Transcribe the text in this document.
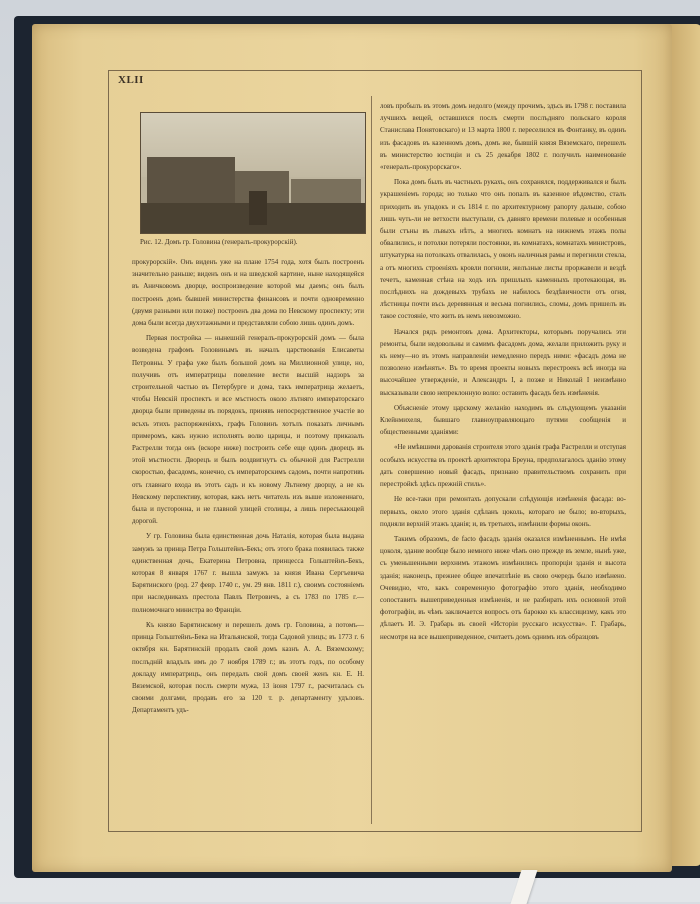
XLII
Рис. 12. Домъ гр. Головина (генералъ-прокурорскій).

прокурорскій». Онъ виденъ уже на плане 1754 года, хотя былъ построенъ значительно раньше; виденъ онъ и на шведской картине, ныне находящейся въ Аничковомъ дворце, воспроизведение которой мы даемъ; онъ былъ построенъ домъ бывшей министерства финансовъ и почти одновременно (двумя разными или позже) построенъ два дома по Невскому проспекту; эти дома были всегда двухэтажными и представляли собою лишь одинъ домъ.

Первая постройка — нынешній генералъ-прокурорскій домъ — была возведена графомъ Головинымъ въ началъ царствованія Елисаветы Петровны. У графа уже былъ большой домъ на Миллионной улице, но, получивъ отъ императрицы повеление вести высшій надзоръ за строительной частью въ Петербурге и дома, такъ императрица желаетъ, чтобы Невскій проспектъ и все мъстность около лътняго императорскаго дворца были приведены въ порядокъ, принявъ непосредственное участіе во всъхъ этихъ распоряженіяхъ, графъ Головинъ хотълъ показать личнымъ примеромъ, какъ нужно исполнять волю царицы, и поэтому приказалъ Растрелли тогда онъ (вскоре ниже) построить себе еще одинъ дворецъ въ этой мъстности. Дворецъ и былъ воздвигнутъ съ обычной для Растрелли скоростью, фасадомъ, конечно, съ императорскимъ садомъ, почти напротивъ отъ главнаго входа въ этотъ садъ и къ новому Лътнему дворцу, а не къ Невскому перспективу, которая, какъ нетъ читатель изъ выше изложеннаго, была и пустороннa, и не главной улицей столицы, а лишь пересъкающей дорогой.

У гр. Головина была единственная дочь Наталія, которая была выдана замужъ за принца Петра Гольштейнъ-Бекъ; отъ этого брака появилась также единственная дочь, Екатерина Петровна, принцесса Гольштейнъ-Бекъ, которая 8 января 1767 г. вышла замужъ за князя Ивана Сергъевича Барятинского (род. 27 февр. 1740 г., ум. 29 янв. 1811 г.), своимъ состоянiемъ при наследникахъ престола Павлъ Петровичъ, а съ 1783 по 1785 г.—полномочнаго министра во Францiи.

Къ князю Барятинскому и перешелъ домъ гр. Головина, а потомъ—принца Гольштейнъ-Бека на Итальянской, тогда Садовой улицъ; въ 1773 г. 6 октября кн. Барятинскій продалъ свой домъ казнъ А. А. Вяземскому; послъдній владълъ имъ до 7 ноября 1789 г.; въ этотъ годъ, по особому докладу императрицъ, онъ передалъ свой домъ своей женъ кн. Е. Н. Вяземской, которая послъ смерти мужа, 13 iюня 1797 г., расчиталась съ своими долгами, продавъ его за 120 т. р. департаменту удъловъ. Департаментъ удъ-

ловъ пробылъ въ этомъ домъ недолго (между прочимъ, здъсь въ 1798 г. поставила лучшихъ вещей, оставшихся послъ смерти послъдняго польскаго короля Станислава Понятовскаго) и 13 марта 1800 г. переселился въ Фонтанку, въ одинъ изъ фасадовъ въ казенномъ домъ, домъ же, бывшій князя Вяземскаго, перешелъ въ министерство юстиціи и съ 25 декабря 1802 г. получилъ наименованіе «генералъ-прокурорскаго».

Пока домъ былъ въ частныхъ рукахъ, онъ сохранялся, поддерживался и былъ украшеніемъ города; но только что онъ попалъ въ казенное вѣдомство, сталъ приходить въ упадокъ и съ 1814 г. по архитектурному рапорту дальше, собою лишь чуть-ли не ветхости выступали, съ давняго времени полевые и особенныя были стъны въ лъвыхъ нѣтъ, а многихъ комнатъ на нижнемъ этажъ полы обвалились, и потолки потеряли постоянки, въ комнатахъ, комнатахъ министровъ, штукатурка на потолкахъ отвалилась, у оконъ наличныя рамы и перегнили стекла, а отъ многихъ строеніяхъ кровли погнили, желъзные листы проржавели и вездѣ течетъ, каменная стѣна на ходъ изъ пришлыхъ каменныхъ протекающая, въ послѣднихъ на дождевыхъ трубахъ не набилось бездѣвичности отъ огня, лѣстницы почти въсь деревянныя и весьма погнились, сломы, домъ пришелъ въ такое состояніе, что жить въ немъ невозможно.

Начался рядъ ремонтовъ дома. Архитекторы, которымъ поручались эти ремонты, были недовольны и самимъ фасадомъ дома, желали приложить руку и къ нему—но въ этомъ направленіи немедленно передъ ними: «фасадъ дома не позволено измѣнять». Въ то время проекты новыхъ перестроекъ всѣ иногда на высочайшее утвержденіе, и Александръ I, а позже и Николай I неизмѣнно высказывали свою непреклонную волю: оставить фасадъ безъ измѣненія.

Объясненіе этому царскому желанію находимъ въ слъдующемъ указаніи Клейнмихеля, бывшаго главноуправляющаго путями сообщенія и общественными зданіями:

«Не имѣвшими дарованія строителя этого зданія графа Растрелли и отступая особыхъ искусства въ проектѣ архитектора Бреуна, предполагалось зданію этому дать совершенно новый фасадъ, признано правительствомъ сохранить при перестройкѣ здѣсь прежній стиль».

Не все-таки при ремонтахъ допускали слѣдующія измѣненія фасада: во-первыхъ, около этого зданія сдѣланъ цоколь, котораго не было; во-вторыхъ, подняли верхній этажъ зданія; и, въ третьихъ, измѣнили формы оконъ.

Такимъ образомъ, de facto фасадъ зданія оказался измѣненнымъ. Не имѣя цоколя, здание вообще было немного ниже чѣмъ оно прежде въ земле, нынѣ уже, съ уменьшенными верхнимъ этажомъ измѣнились пропорціи зданія и высота зданія; наконецъ, прежнее общее впечатлѣніе въ свою очередь было измѣнено. Очевидно, что, какъ современную фотографію этого зданія, необходимо сопоставить вышеприведенныя измѣненія, и не разбирать ихъ основной этой фотографіи, въ чѣмъ заключается вопросъ отъ барокко къ классицизму, какъ это дѣлаетъ И. Э. Грабарь въ своей «Исторіи русскаго искусства». Г. Грабарь, несмотря на все вышеприведенное, считаетъ домъ однимъ изъ образцовъ
